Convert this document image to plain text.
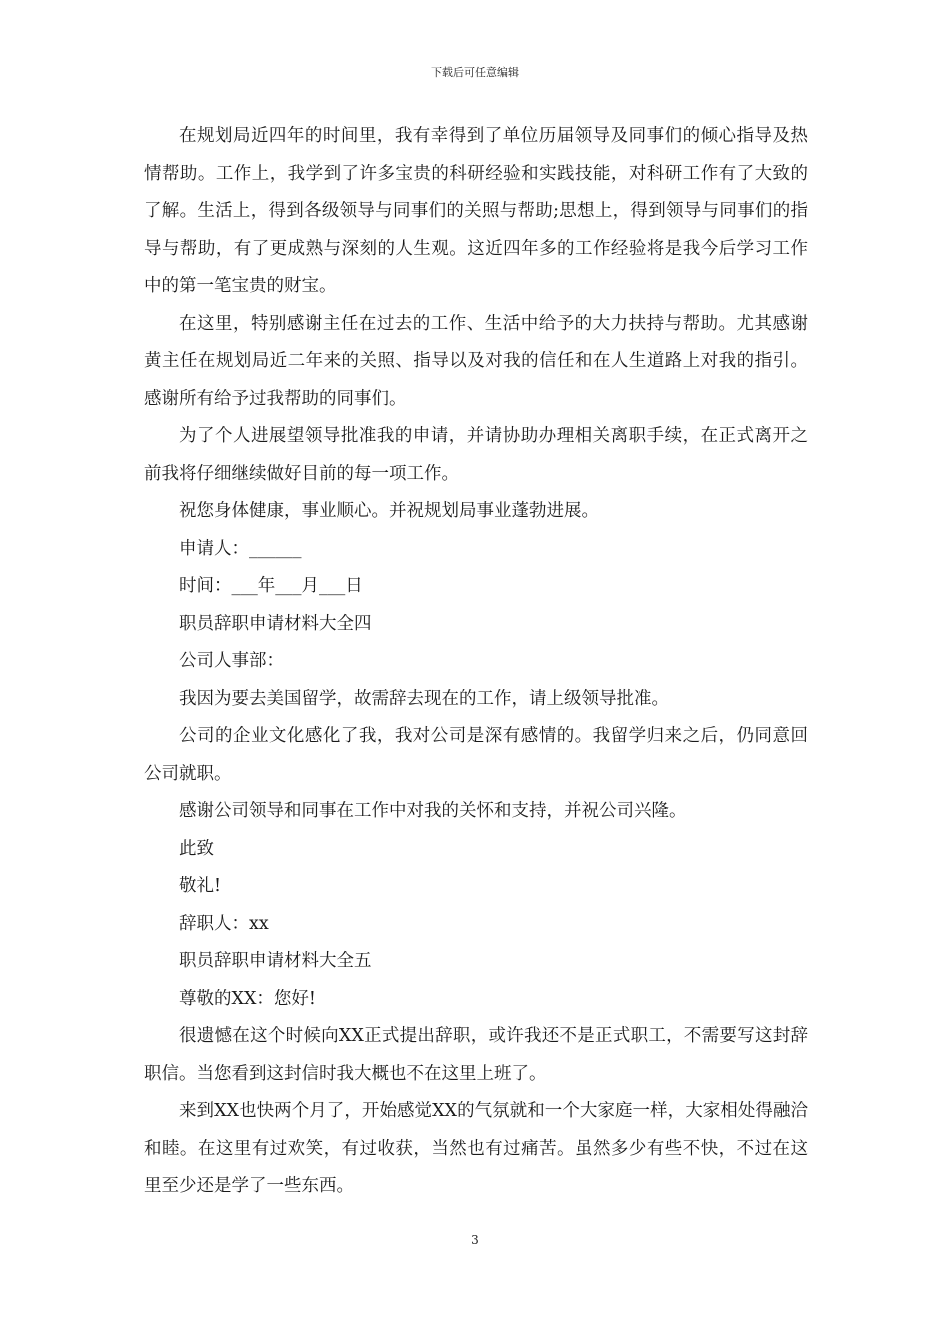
下载后可任意编辑

在规划局近四年的时间里，我有幸得到了单位历届领导及同事们的倾心指导及热情帮助。工作上，我学到了许多宝贵的科研经验和实践技能，对科研工作有了大致的了解。生活上，得到各级领导与同事们的关照与帮助;思想上，得到领导与同事们的指导与帮助，有了更成熟与深刻的人生观。这近四年多的工作经验将是我今后学习工作中的第一笔宝贵的财宝。

在这里，特别感谢主任在过去的工作、生活中给予的大力扶持与帮助。尤其感谢黄主任在规划局近二年来的关照、指导以及对我的信任和在人生道路上对我的指引。感谢所有给予过我帮助的同事们。

为了个人进展望领导批准我的申请，并请协助办理相关离职手续，在正式离开之前我将仔细继续做好目前的每一项工作。

祝您身体健康，事业顺心。并祝规划局事业蓬勃进展。

申请人：______

时间：___年___月___日

职员辞职申请材料大全四

公司人事部：

我因为要去美国留学，故需辞去现在的工作，请上级领导批准。

公司的企业文化感化了我，我对公司是深有感情的。我留学归来之后，仍同意回公司就职。

感谢公司领导和同事在工作中对我的关怀和支持，并祝公司兴隆。

此致

敬礼!

辞职人：xx

职员辞职申请材料大全五

尊敬的XX：您好!

很遗憾在这个时候向XX正式提出辞职，或许我还不是正式职工，不需要写这封辞职信。当您看到这封信时我大概也不在这里上班了。

来到XX也快两个月了，开始感觉XX的气氛就和一个大家庭一样，大家相处得融洽和睦。在这里有过欢笑，有过收获，当然也有过痛苦。虽然多少有些不快，不过在这里至少还是学了一些东西。

3
